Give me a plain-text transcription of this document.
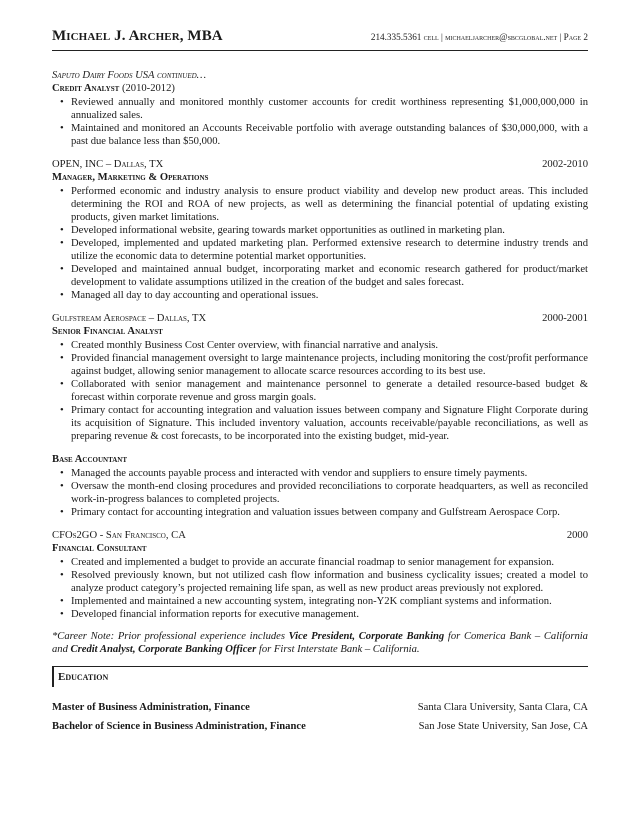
Michael J. Archer, MBA	214.335.5361 cell | michaeljarcher@sbcglobal.net | Page 2
Saputo Dairy Foods USA continued…
Credit Analyst (2010-2012)
• Reviewed annually and monitored monthly customer accounts for credit worthiness representing $1,000,000,000 in annualized sales.
• Maintained and monitored an Accounts Receivable portfolio with average outstanding balances of $30,000,000, with a past due balance less than $50,000.
OPEN, INC – Dallas, TX	2002-2010
Manager, Marketing & Operations
• Performed economic and industry analysis to ensure product viability and develop new product areas. This included determining the ROI and ROA of new projects, as well as determining the financial potential of updating existing products, given market limitations.
• Developed informational website, gearing towards market opportunities as outlined in marketing plan.
• Developed, implemented and updated marketing plan. Performed extensive research to determine industry trends and utilize the economic data to determine potential market opportunities.
• Developed and maintained annual budget, incorporating market and economic research gathered for product/market development to validate assumptions utilized in the creation of the budget and sales forecast.
• Managed all day to day accounting and operational issues.
Gulfstream Aerospace – Dallas, TX	2000-2001
Senior Financial Analyst
• Created monthly Business Cost Center overview, with financial narrative and analysis.
• Provided financial management oversight to large maintenance projects, including monitoring the cost/profit performance against budget, allowing senior management to allocate scarce resources according to its best use.
• Collaborated with senior management and maintenance personnel to generate a detailed resource-based budget & forecast within corporate revenue and gross margin goals.
• Primary contact for accounting integration and valuation issues between company and Signature Flight Corporate during its acquisition of Signature. This included inventory valuation, accounts receivable/payable reconciliations, as well as preparing revenue & cost forecasts, to be incorporated into the existing budget, mid-year.
Base Accountant
• Managed the accounts payable process and interacted with vendor and suppliers to ensure timely payments.
• Oversaw the month-end closing procedures and provided reconciliations to corporate headquarters, as well as reconciled work-in-progress balances to completed projects.
• Primary contact for accounting integration and valuation issues between company and Gulfstream Aerospace Corp.
CFOs2GO - San Francisco, CA	2000
Financial Consultant
• Created and implemented a budget to provide an accurate financial roadmap to senior management for expansion.
• Resolved previously known, but not utilized cash flow information and business cyclicality issues; created a model to analyze product category’s projected remaining life span, as well as new product areas previously not explored.
• Implemented and maintained a new accounting system, integrating non-Y2K compliant systems and information.
• Developed financial information reports for executive management.
*Career Note: Prior professional experience includes Vice President, Corporate Banking for Comerica Bank – California and Credit Analyst, Corporate Banking Officer for First Interstate Bank – California.
Education
Master of Business Administration, Finance	Santa Clara University, Santa Clara, CA
Bachelor of Science in Business Administration, Finance	San Jose State University, San Jose, CA
